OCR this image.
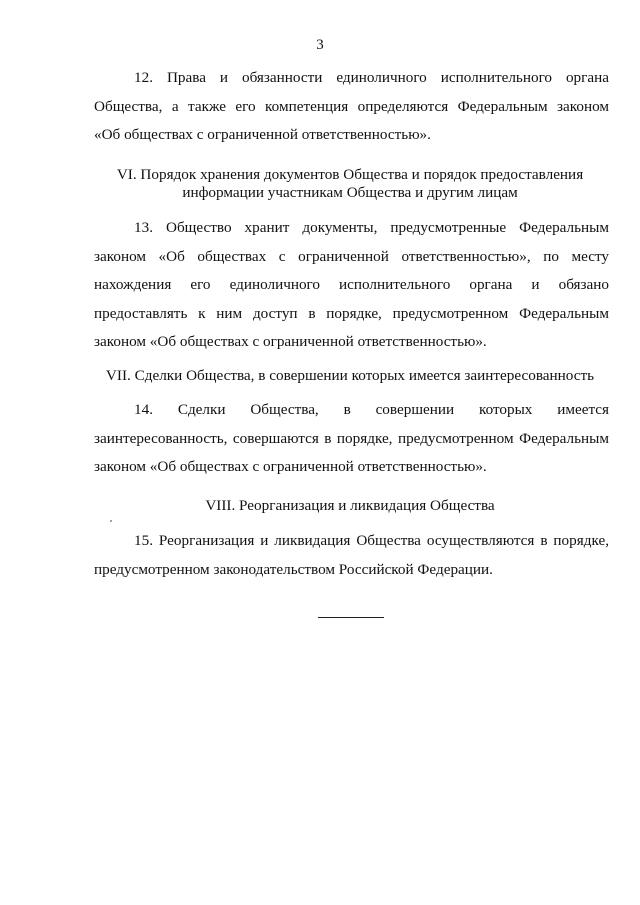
3

12. Права и обязанности единоличного исполнительного органа
Общества, а также его компетенция определяются Федеральным законом
«Об обществах с ограниченной ответственностью».

VI. Порядок хранения документов Общества и порядок предоставления
информации участникам Общества и другим лицам

13. Общество хранит документы, предусмотренные Федеральным
законом «Об обществах с ограниченной ответственностью», по месту
нахождения его единоличного исполнительного органа и обязано
предоставлять к ним доступ в порядке, предусмотренном Федеральным
законом «Об обществах с ограниченной ответственностью».

VII. Сделки Общества, в совершении которых имеется заинтересованность

14. Сделки Общества, в совершении которых имеется
заинтересованность, совершаются в порядке, предусмотренном Федеральным
законом «Об обществах с ограниченной ответственностью».

VIII. Реорганизация и ликвидация Общества

15. Реорганизация и ликвидация Общества осуществляются в порядке,
предусмотренном законодательством Российской Федерации.
